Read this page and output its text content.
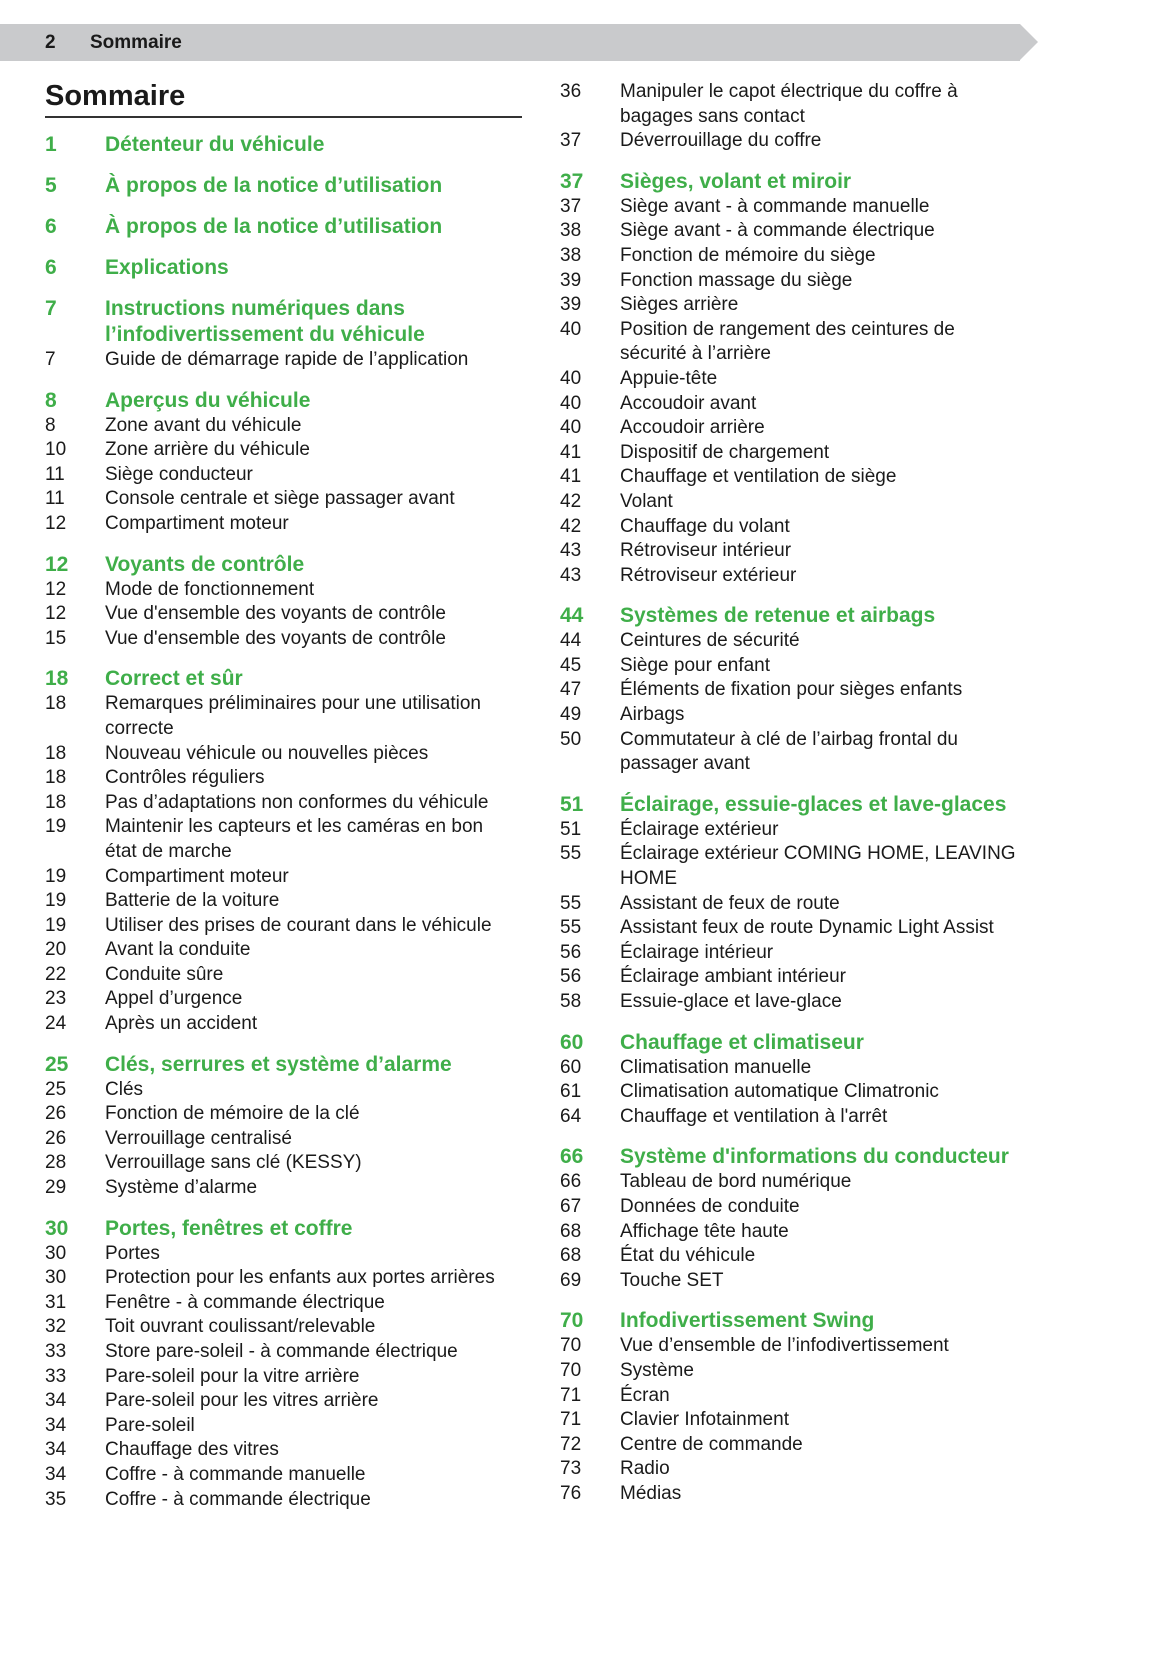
2 Sommaire
Sommaire
1	Détenteur du véhicule
5	À propos de la notice d’utilisation
6	À propos de la notice d’utilisation
6	Explications
7	Instructions numériques dans
l’infodivertissement du véhicule
7	Guide de démarrage rapide de l’application
8	Aperçus du véhicule
8	Zone avant du véhicule
10	Zone arrière du véhicule
11	Siège conducteur
11	Console centrale et siège passager avant
12	Compartiment moteur
12	Voyants de contrôle
12	Mode de fonctionnement
12	Vue d'ensemble des voyants de contrôle
15	Vue d'ensemble des voyants de contrôle
18	Correct et sûr
18	Remarques préliminaires pour une utilisation
correcte
18	Nouveau véhicule ou nouvelles pièces
18	Contrôles réguliers
18	Pas d’adaptations non conformes du véhicule
19	Maintenir les capteurs et les caméras en bon
état de marche
19	Compartiment moteur
19	Batterie de la voiture
19	Utiliser des prises de courant dans le véhicule
20	Avant la conduite
22	Conduite sûre
23	Appel d’urgence
24	Après un accident
25	Clés, serrures et système d’alarme
25	Clés
26	Fonction de mémoire de la clé
26	Verrouillage centralisé
28	Verrouillage sans clé (KESSY)
29	Système d’alarme
30	Portes, fenêtres et coffre
30	Portes
30	Protection pour les enfants aux portes arrières
31	Fenêtre - à commande électrique
32	Toit ouvrant coulissant/relevable
33	Store pare-soleil - à commande électrique
33	Pare-soleil pour la vitre arrière
34	Pare-soleil pour les vitres arrière
34	Pare-soleil
34	Chauffage des vitres
34	Coffre - à commande manuelle
35	Coffre - à commande électrique
36	Manipuler le capot électrique du coffre à
bagages sans contact
37	Déverrouillage du coffre
37	Sièges, volant et miroir
37	Siège avant - à commande manuelle
38	Siège avant - à commande électrique
38	Fonction de mémoire du siège
39	Fonction massage du siège
39	Sièges arrière
40	Position de rangement des ceintures de
sécurité à l’arrière
40	Appuie-tête
40	Accoudoir avant
40	Accoudoir arrière
41	Dispositif de chargement
41	Chauffage et ventilation de siège
42	Volant
42	Chauffage du volant
43	Rétroviseur intérieur
43	Rétroviseur extérieur
44	Systèmes de retenue et airbags
44	Ceintures de sécurité
45	Siège pour enfant
47	Éléments de fixation pour sièges enfants
49	Airbags
50	Commutateur à clé de l’airbag frontal du
passager avant
51	Éclairage, essuie-glaces et lave-glaces
51	Éclairage extérieur
55	Éclairage extérieur COMING HOME, LEAVING
HOME
55	Assistant de feux de route
55	Assistant feux de route Dynamic Light Assist
56	Éclairage intérieur
56	Éclairage ambiant intérieur
58	Essuie-glace et lave-glace
60	Chauffage et climatiseur
60	Climatisation manuelle
61	Climatisation automatique Climatronic
64	Chauffage et ventilation à l'arrêt
66	Système d'informations du conducteur
66	Tableau de bord numérique
67	Données de conduite
68	Affichage tête haute
68	État du véhicule
69	Touche SET
70	Infodivertissement Swing
70	Vue d’ensemble de l’infodivertissement
70	Système
71	Écran
71	Clavier Infotainment
72	Centre de commande
73	Radio
76	Médias
